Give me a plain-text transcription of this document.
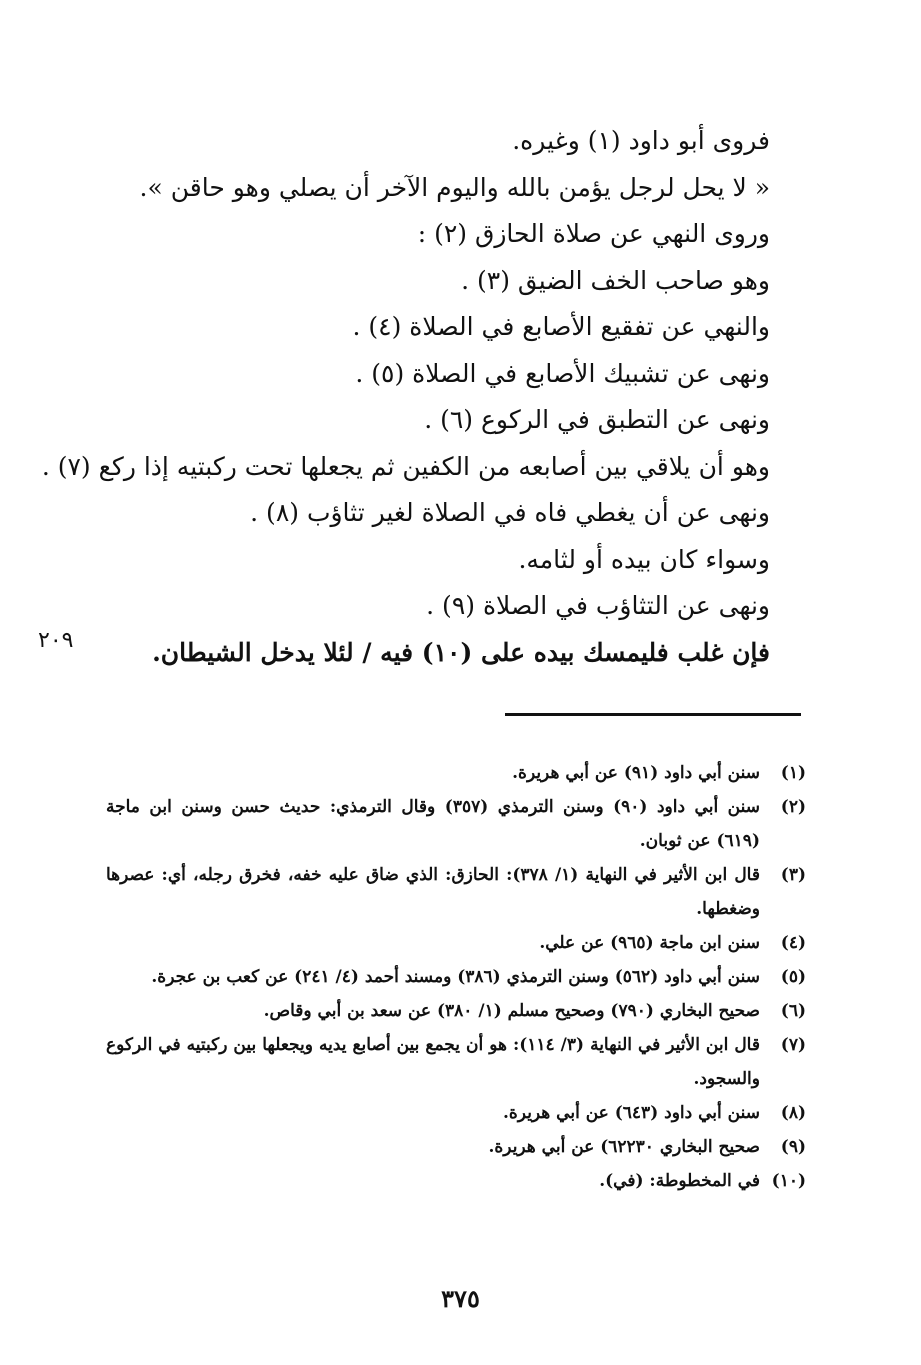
فروى أبو داود (١) وغيره.
« لا يحل لرجل يؤمن بالله واليوم الآخر أن يصلي وهو حاقن ».
وروى النهي عن صلاة الحازق (٢) :
وهو صاحب الخف الضيق (٣) .
والنهي عن تفقيع الأصابع في الصلاة (٤) .
ونهى عن تشبيك الأصابع في الصلاة (٥) .
ونهى عن التطبق في الركوع (٦) .
وهو أن يلاقي بين أصابعه من الكفين ثم يجعلها تحت ركبتيه إذا ركع (٧) .
ونهى عن أن يغطي فاه في الصلاة لغير تثاؤب (٨) .
وسواء كان بيده أو لثامه.
ونهى عن التثاؤب في الصلاة (٩) .
فإن غلب فليمسك بيده على (١٠) فيه / لئلا يدخل الشيطان.
٢٠٩
(١)
سنن أبي داود (٩١) عن أبي هريرة.
(٢)
سنن أبي داود (٩٠) وسنن الترمذي (٣٥٧) وقال الترمذي: حديث حسن وسنن ابن ماجة (٦١٩) عن ثوبان.
(٣)
قال ابن الأثير في النهاية (١/ ٣٧٨): الحازق: الذي ضاق عليه خفه، فخرق رجله، أي: عصرها وضغطها.
(٤)
سنن ابن ماجة (٩٦٥) عن علي.
(٥)
سنن أبي داود (٥٦٢) وسنن الترمذي (٣٨٦) ومسند أحمد (٤/ ٢٤١) عن كعب بن عجرة.
(٦)
صحيح البخاري (٧٩٠) وصحيح مسلم (١/ ٣٨٠) عن سعد بن أبي وقاص.
(٧)
قال ابن الأثير في النهاية (٣/ ١١٤): هو أن يجمع بين أصابع يديه ويجعلها بين ركبتيه في الركوع والسجود.
(٨)
سنن أبي داود (٦٤٣) عن أبي هريرة.
(٩)
صحيح البخاري ٦٢٢٣٠) عن أبي هريرة.
(١٠)
في المخطوطة: (في).
٣٧٥
